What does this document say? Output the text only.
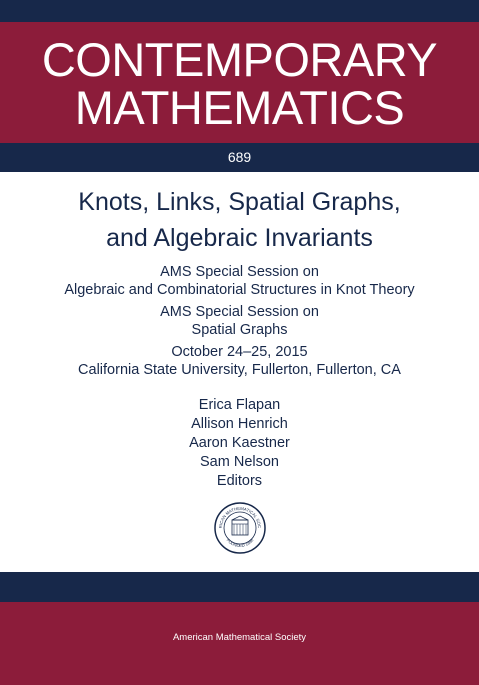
CONTEMPORARY
MATHEMATICS
689
Knots, Links, Spatial Graphs,
and Algebraic Invariants
AMS Special Session on
Algebraic and Combinatorial Structures in Knot Theory
AMS Special Session on
Spatial Graphs
October 24–25, 2015
California State University, Fullerton, Fullerton, CA
Erica Flapan
Allison Henrich
Aaron Kaestner
Sam Nelson
Editors
RICAN MATHEMATICAL SOC
FOUNDED 1888
American Mathematical Society
